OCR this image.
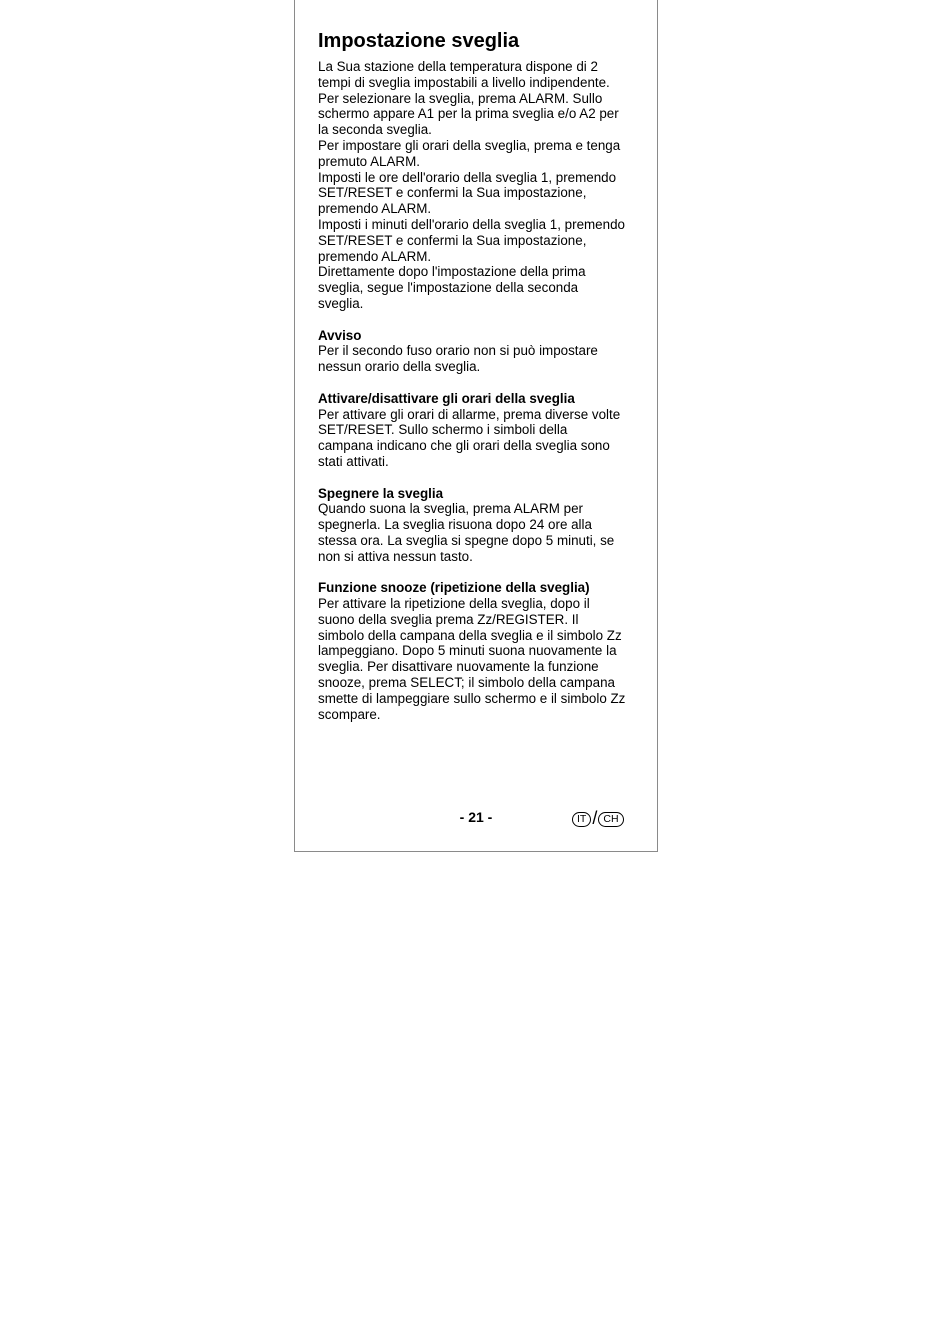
Impostazione sveglia

La Sua stazione della temperatura dispone di 2
tempi di sveglia impostabili a livello indipendente.
Per selezionare la sveglia, prema ALARM. Sullo
schermo appare A1 per la prima sveglia e/o A2 per
la seconda sveglia.
Per impostare gli orari della sveglia, prema e tenga
premuto ALARM.
Imposti le ore dell'orario della sveglia 1, premendo
SET/RESET e confermi la Sua impostazione,
premendo ALARM.
Imposti i minuti dell'orario della sveglia 1, premendo
SET/RESET e confermi la Sua impostazione,
premendo ALARM.
Direttamente dopo l'impostazione della prima
sveglia, segue l'impostazione della seconda
sveglia.

Avviso

Per il secondo fuso orario non si può impostare
nessun orario della sveglia.

Attivare/disattivare gli orari della sveglia

Per attivare gli orari di allarme, prema diverse volte
SET/RESET. Sullo schermo i simboli della
campana indicano che gli orari della sveglia sono
stati attivati.

Spegnere la sveglia

Quando suona la sveglia, prema ALARM per
spegnerla. La sveglia risuona dopo 24 ore alla
stessa ora. La sveglia si spegne dopo 5 minuti, se
non si attiva nessun tasto.

Funzione snooze (ripetizione della sveglia)

Per attivare la ripetizione della sveglia, dopo il
suono della sveglia prema Zz/REGISTER. Il
simbolo della campana della sveglia e il simbolo Zz
lampeggiano. Dopo 5 minuti suona nuovamente la
sveglia. Per disattivare nuovamente la funzione
snooze, prema SELECT; il simbolo della campana
smette di lampeggiare sullo schermo e il simbolo Zz
scompare.

- 21 -	IT / CH
